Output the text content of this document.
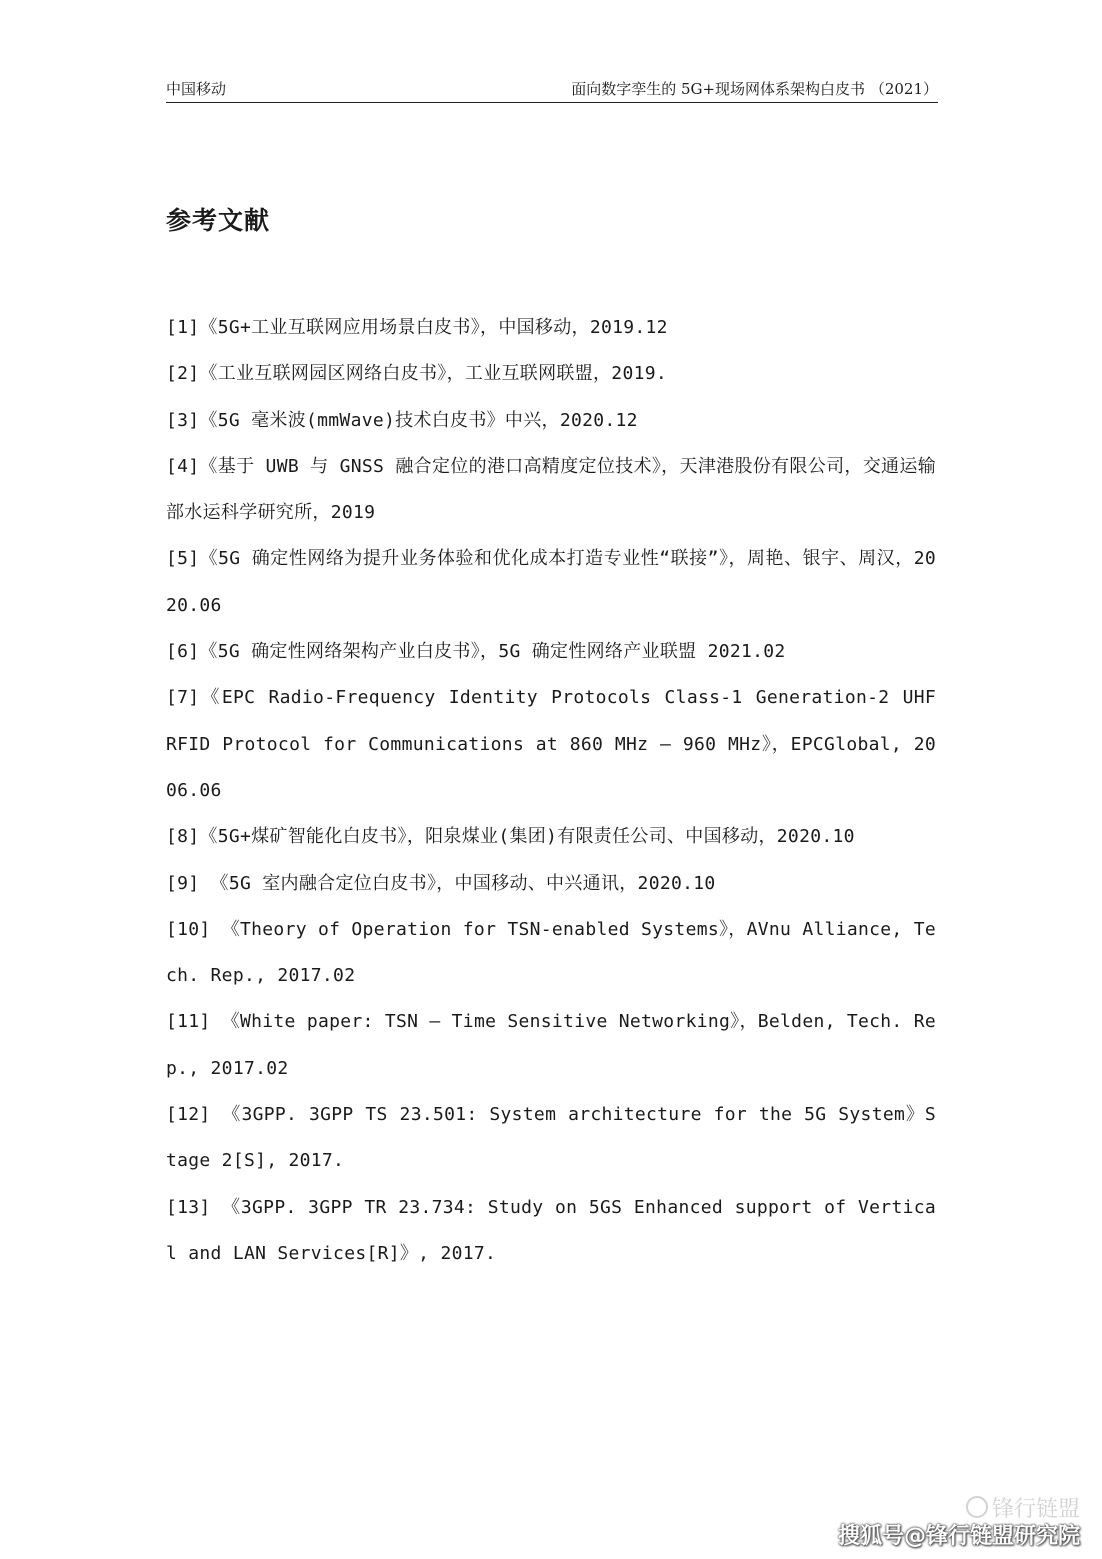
中国移动	面向数字孪生的 5G+现场网体系架构白皮书 （2021）
参考文献
[1]《5G+工业互联网应用场景白皮书》，中国移动，2019.12
[2]《工业互联网园区网络白皮书》，工业互联网联盟，2019.
[3]《5G 毫米波(mmWave)技术白皮书》中兴，2020.12
[4]《基于 UWB 与 GNSS 融合定位的港口高精度定位技术》，天津港股份有限公司，交通运输部水运科学研究所，2019
[5]《5G 确定性网络为提升业务体验和优化成本打造专业性“联接”》，周艳、银宇、周汉，2020.06
[6]《5G 确定性网络架构产业白皮书》，5G 确定性网络产业联盟 2021.02
[7]《EPC Radio-Frequency Identity Protocols Class-1 Generation-2 UHF RFID Protocol for Communications at 860 MHz – 960 MHz》，EPCGlobal, 2006.06
[8]《5G+煤矿智能化白皮书》，阳泉煤业(集团)有限责任公司、中国移动，2020.10
[9] 《5G 室内融合定位白皮书》，中国移动、中兴通讯，2020.10
[10] 《Theory of Operation for TSN-enabled Systems》，AVnu Alliance, Tech. Rep., 2017.02
[11] 《White paper: TSN – Time Sensitive Networking》，Belden, Tech. Rep., 2017.02
[12] 《3GPP. 3GPP TS 23.501: System architecture for the 5G System》Stage 2[S], 2017.
[13] 《3GPP. 3GPP TR 23.734: Study on 5GS Enhanced support of Vertical and LAN Services[R]》, 2017.
锋行链盟
搜狐号@锋行链盟研究院
